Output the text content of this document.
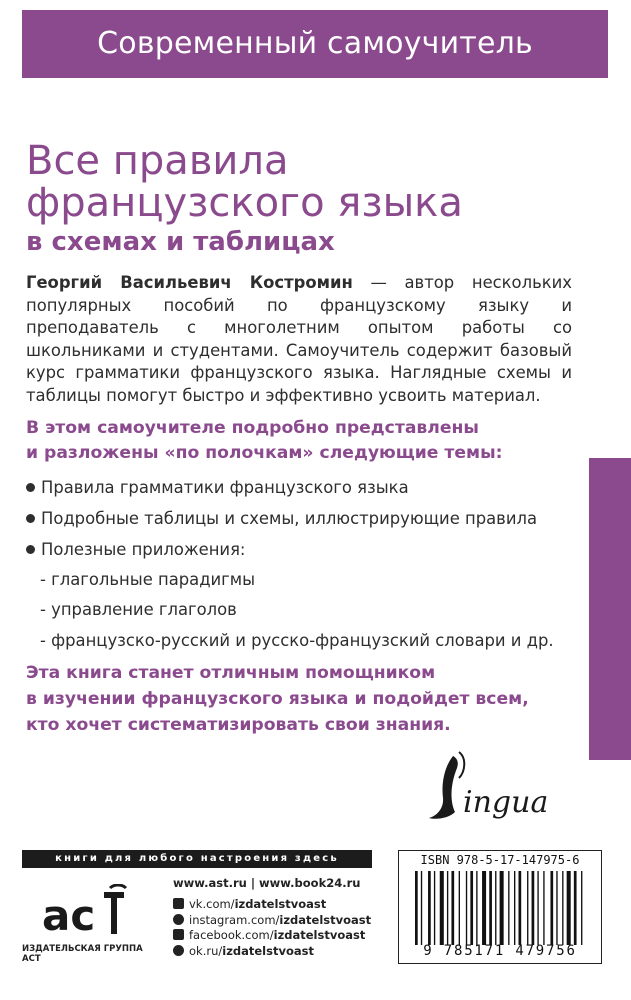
Современный самоучитель
Все правила
французского языка
в схемах и таблицах

Георгий Васильевич Костромин — автор нескольких популярных пособий по французскому языку и преподаватель с многолетним опытом работы со школьниками и студентами. Самоучитель содержит базовый курс грамматики французского языка. Наглядные схемы и таблицы помогут быстро и эффективно усвоить материал.

В этом самоучителе подробно представлены
и разложены «по полочкам» следующие темы:
Правила грамматики французского языка
Подробные таблицы и схемы, иллюстрирующие правила
Полезные приложения:
- глагольные парадигмы
- управление глаголов
- французско-русский и русско-французский словари и др.
Эта книга станет отличным помощником
в изучении французского языка и подойдет всем,
кто хочет систематизировать свои знания.
ingua
книги для любого настроения здесь
ас
ИЗДАТЕЛЬСКАЯ ГРУППА АСТ
www.ast.ru | www.book24.ru
vk.com/izdatelstvoast
instagram.com/izdatelstvoast
facebook.com/izdatelstvoast
ok.ru/izdatelstvoast
ISBN 978-5-17-147975-6
9 785171 479756
